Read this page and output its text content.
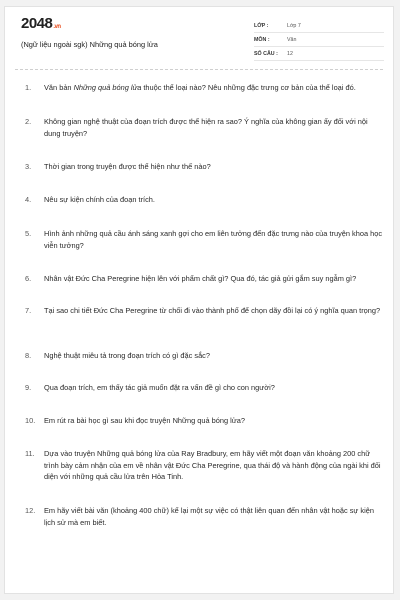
2048.vn
(Ngữ liệu ngoài sgk) Những quả bóng lửa
LỚP :	Lớp 7
MÔN :	Văn
SỐ CÂU :	12
1.	Văn bản Những quả bóng lửa thuộc thể loại nào? Nêu những đặc trưng cơ bản của thể loại đó.
2.	Không gian nghệ thuật của đoạn trích được thể hiện ra sao? Ý nghĩa của không gian ấy đối với nội dung truyện?
3.	Thời gian trong truyện được thể hiện như thế nào?
4.	Nêu sự kiện chính của đoạn trích.
5.	Hình ảnh những quả cầu ánh sáng xanh gợi cho em liên tưởng đến đặc trưng nào của truyện khoa học viễn tưởng?
6.	Nhân vật Đức Cha Peregrine hiện lên với phẩm chất gì? Qua đó, tác giả gửi gắm suy ngẫm gì?
7.	Tại sao chi tiết Đức Cha Peregrine từ chối đi vào thành phố để chọn dãy đồi lại có ý nghĩa quan trọng?
8.	Nghệ thuật miêu tả trong đoạn trích có gì đặc sắc?
9.	Qua đoạn trích, em thấy tác giả muốn đặt ra vấn đề gì cho con người?
10.	Em rút ra bài học gì sau khi đọc truyện Những quả bóng lửa?
11.	Dựa vào truyện Những quả bóng lửa của Ray Bradbury, em hãy viết một đoạn văn khoảng 200 chữ trình bày cảm nhận của em về nhân vật Đức Cha Peregrine, qua thái độ và hành động của ngài khi đối diện với những quả cầu lửa trên Hỏa Tinh.
12.	Em hãy viết bài văn (khoảng 400 chữ) kể lại một sự việc có thật liên quan đến nhân vật hoặc sự kiện lịch sử mà em biết.
